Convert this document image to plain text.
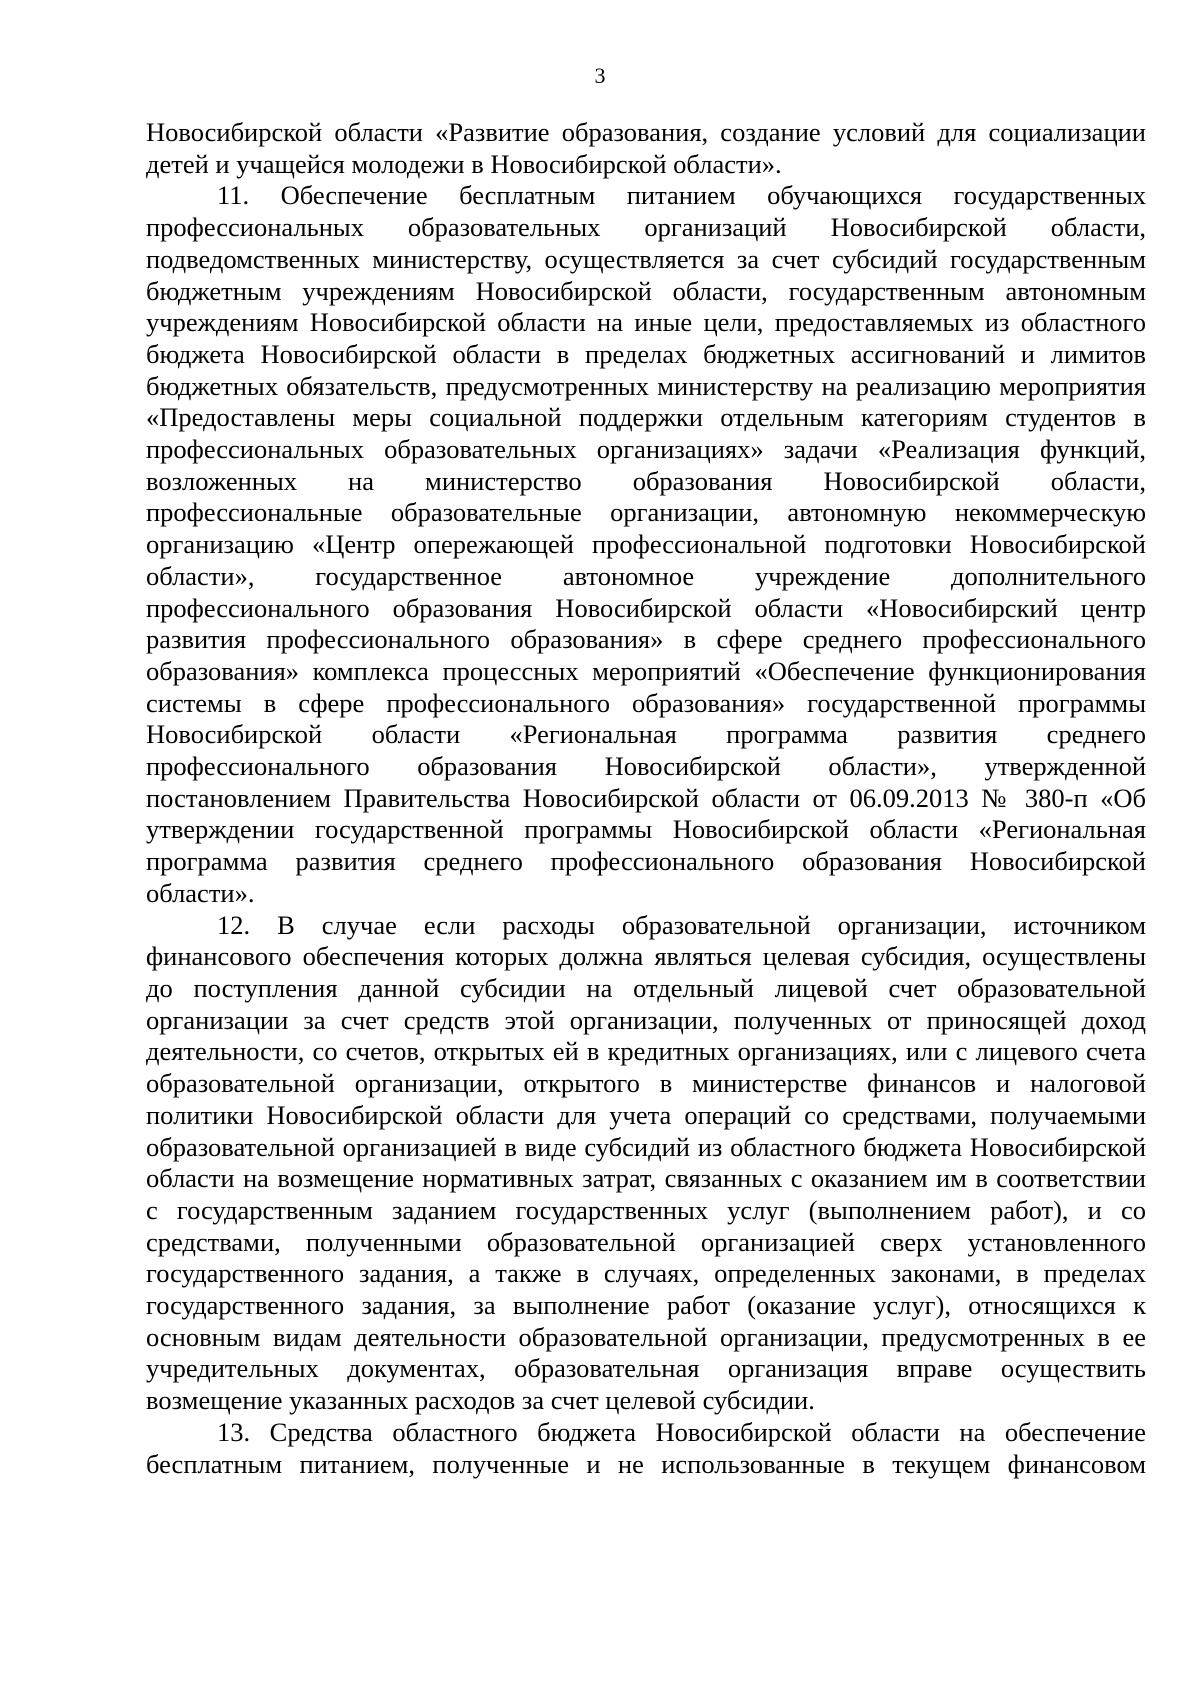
3

Новосибирской области «Развитие образования, создание условий для социализации детей и учащейся молодежи в Новосибирской области».

11. Обеспечение бесплатным питанием обучающихся государственных профессиональных образовательных организаций Новосибирской области, подведомственных министерству, осуществляется за счет субсидий государственным бюджетным учреждениям Новосибирской области, государственным автономным учреждениям Новосибирской области на иные цели, предоставляемых из областного бюджета Новосибирской области в пределах бюджетных ассигнований и лимитов бюджетных обязательств, предусмотренных министерству на реализацию мероприятия «Предоставлены меры социальной поддержки отдельным категориям студентов в профессиональных образовательных организациях» задачи «Реализация функций, возложенных на министерство образования Новосибирской области, профессиональные образовательные организации, автономную некоммерческую организацию «Центр опережающей профессиональной подготовки Новосибирской области», государственное автономное учреждение дополнительного профессионального образования Новосибирской области «Новосибирский центр развития профессионального образования» в сфере среднего профессионального образования» комплекса процессных мероприятий «Обеспечение функционирования системы в сфере профессионального образования» государственной программы Новосибирской области «Региональная программа развития среднего профессионального образования Новосибирской области», утвержденной постановлением Правительства Новосибирской области от 06.09.2013 № 380-п «Об утверждении государственной программы Новосибирской области «Региональная программа развития среднего профессионального образования Новосибирской области».

12. В случае если расходы образовательной организации, источником финансового обеспечения которых должна являться целевая субсидия, осуществлены до поступления данной субсидии на отдельный лицевой счет образовательной организации за счет средств этой организации, полученных от приносящей доход деятельности, со счетов, открытых ей в кредитных организациях, или с лицевого счета образовательной организации, открытого в министерстве финансов и налоговой политики Новосибирской области для учета операций со средствами, получаемыми образовательной организацией в виде субсидий из областного бюджета Новосибирской области на возмещение нормативных затрат, связанных с оказанием им в соответствии с государственным заданием государственных услуг (выполнением работ), и со средствами, полученными образовательной организацией сверх установленного государственного задания, а также в случаях, определенных законами, в пределах государственного задания, за выполнение работ (оказание услуг), относящихся к основным видам деятельности образовательной организации, предусмотренных в ее учредительных документах, образовательная организация вправе осуществить возмещение указанных расходов за счет целевой субсидии.

13. Средства областного бюджета Новосибирской области на обеспечение бесплатным питанием, полученные и не использованные в текущем финансовом
